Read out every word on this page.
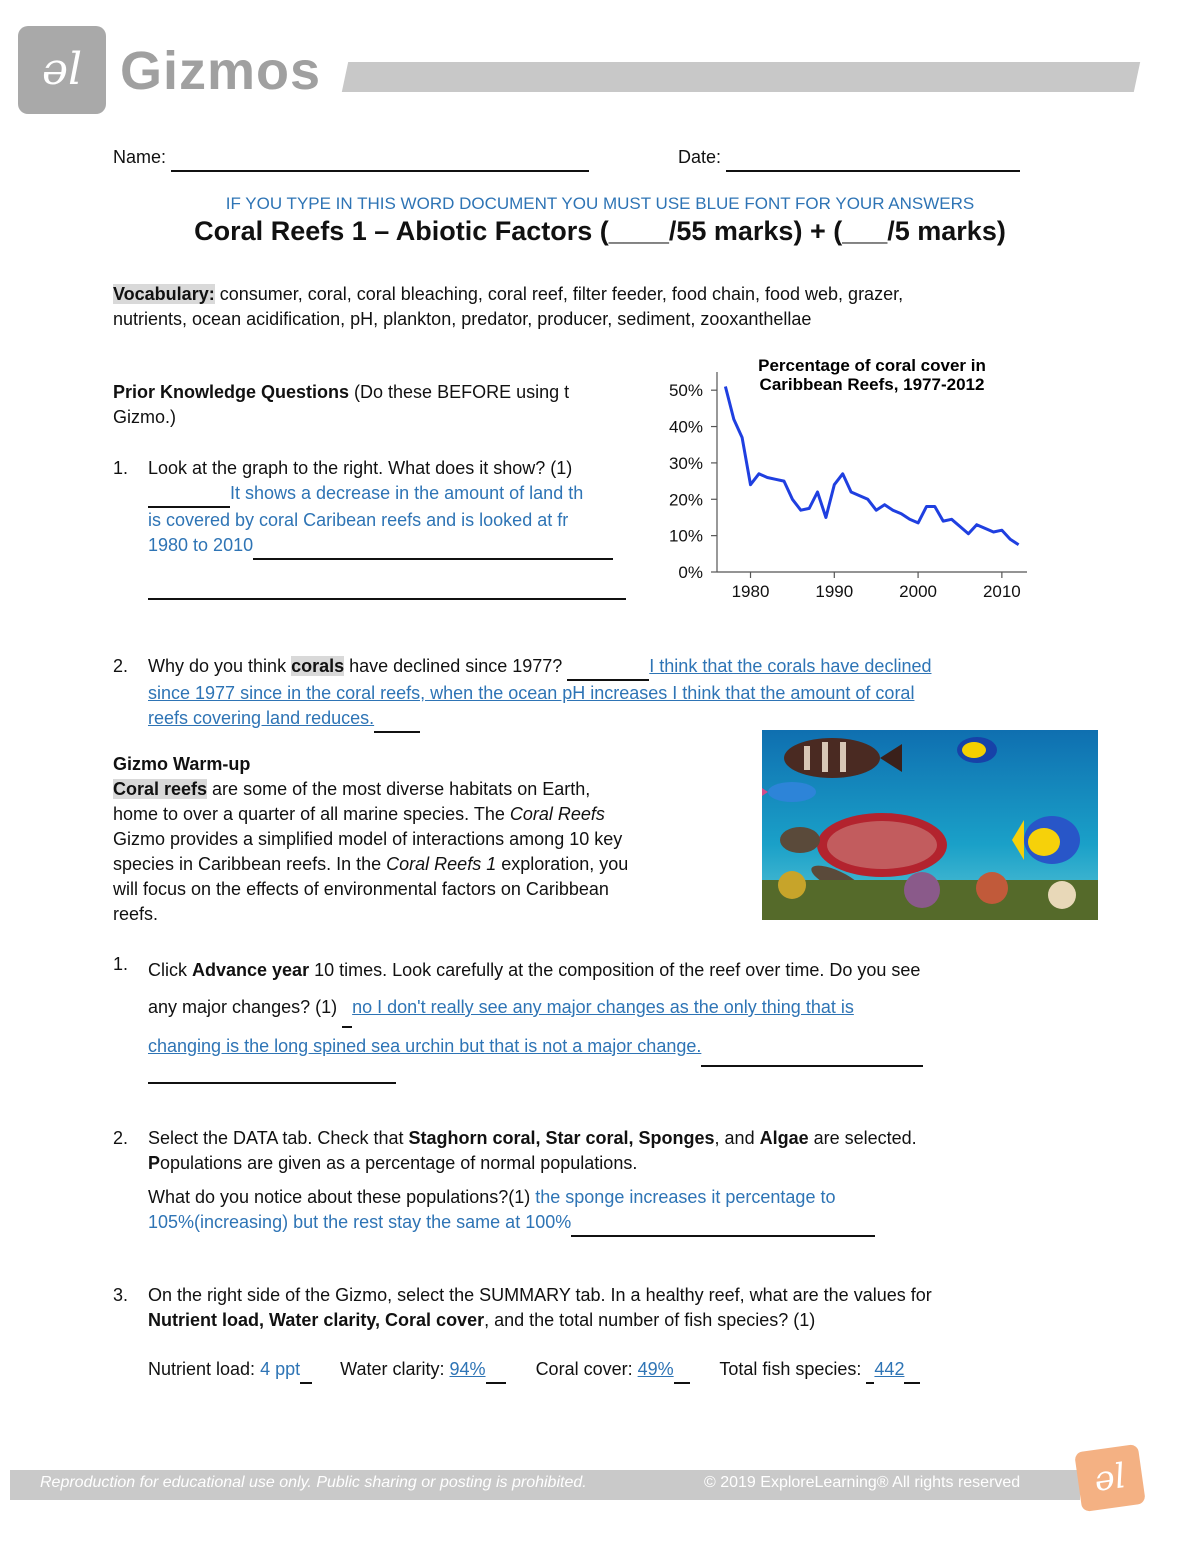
ǝl Gizmos
Name:	Date:
IF YOU TYPE IN THIS WORD DOCUMENT YOU MUST USE BLUE FONT FOR YOUR ANSWERS
Coral Reefs 1 – Abiotic Factors (____/55 marks) + (___/5 marks)
Vocabulary: consumer, coral, coral bleaching, coral reef, filter feeder, food chain, food web, grazer,
nutrients, ocean acidification, pH, plankton, predator, producer, sediment, zooxanthellae
Prior Knowledge Questions (Do these BEFORE using t
Gizmo.)
1. Look at the graph to the right. What does it show? (1)
It shows a decrease in the amount of land th
is covered by coral Caribean reefs and is looked at fr
1980 to 2010
Percentage of coral cover in
Caribbean Reefs, 1977-2012
0%
10%
20%
30%
40%
50%
1980	1990	2000	2010
2. Why do you think corals have declined since 1977?	I think that the corals have declined
since 1977 since in the coral reefs, when the ocean pH increases I think that the amount of coral
reefs covering land reduces.
Gizmo Warm-up
Coral reefs are some of the most diverse habitats on Earth,
home to over a quarter of all marine species. The Coral Reefs
Gizmo provides a simplified model of interactions among 10 key
species in Caribbean reefs. In the Coral Reefs 1 exploration, you
will focus on the effects of environmental factors on Caribbean
reefs.
1. Click Advance year 10 times. Look carefully at the composition of the reef over time. Do you see
any major changes? (1)  no I don't really see any major changes as the only thing that is
changing is the long spined sea urchin but that is not a major change.
2. Select the DATA tab. Check that Staghorn coral, Star coral, Sponges, and Algae are selected.
Populations are given as a percentage of normal populations.
What do you notice about these populations?(1) the sponge increases it percentage to
105%(increasing) but the rest stay the same at 100%
3. On the right side of the Gizmo, select the SUMMARY tab. In a healthy reef, what are the values for
Nutrient load, Water clarity, Coral cover, and the total number of fish species? (1)
Nutrient load: 4 ppt Water clarity: 94%	Coral cover: 49%	Total fish species:  442
Reproduction for educational use only. Public sharing or posting is prohibited.	© 2019 ExploreLearning® All rights reserved	ǝl
